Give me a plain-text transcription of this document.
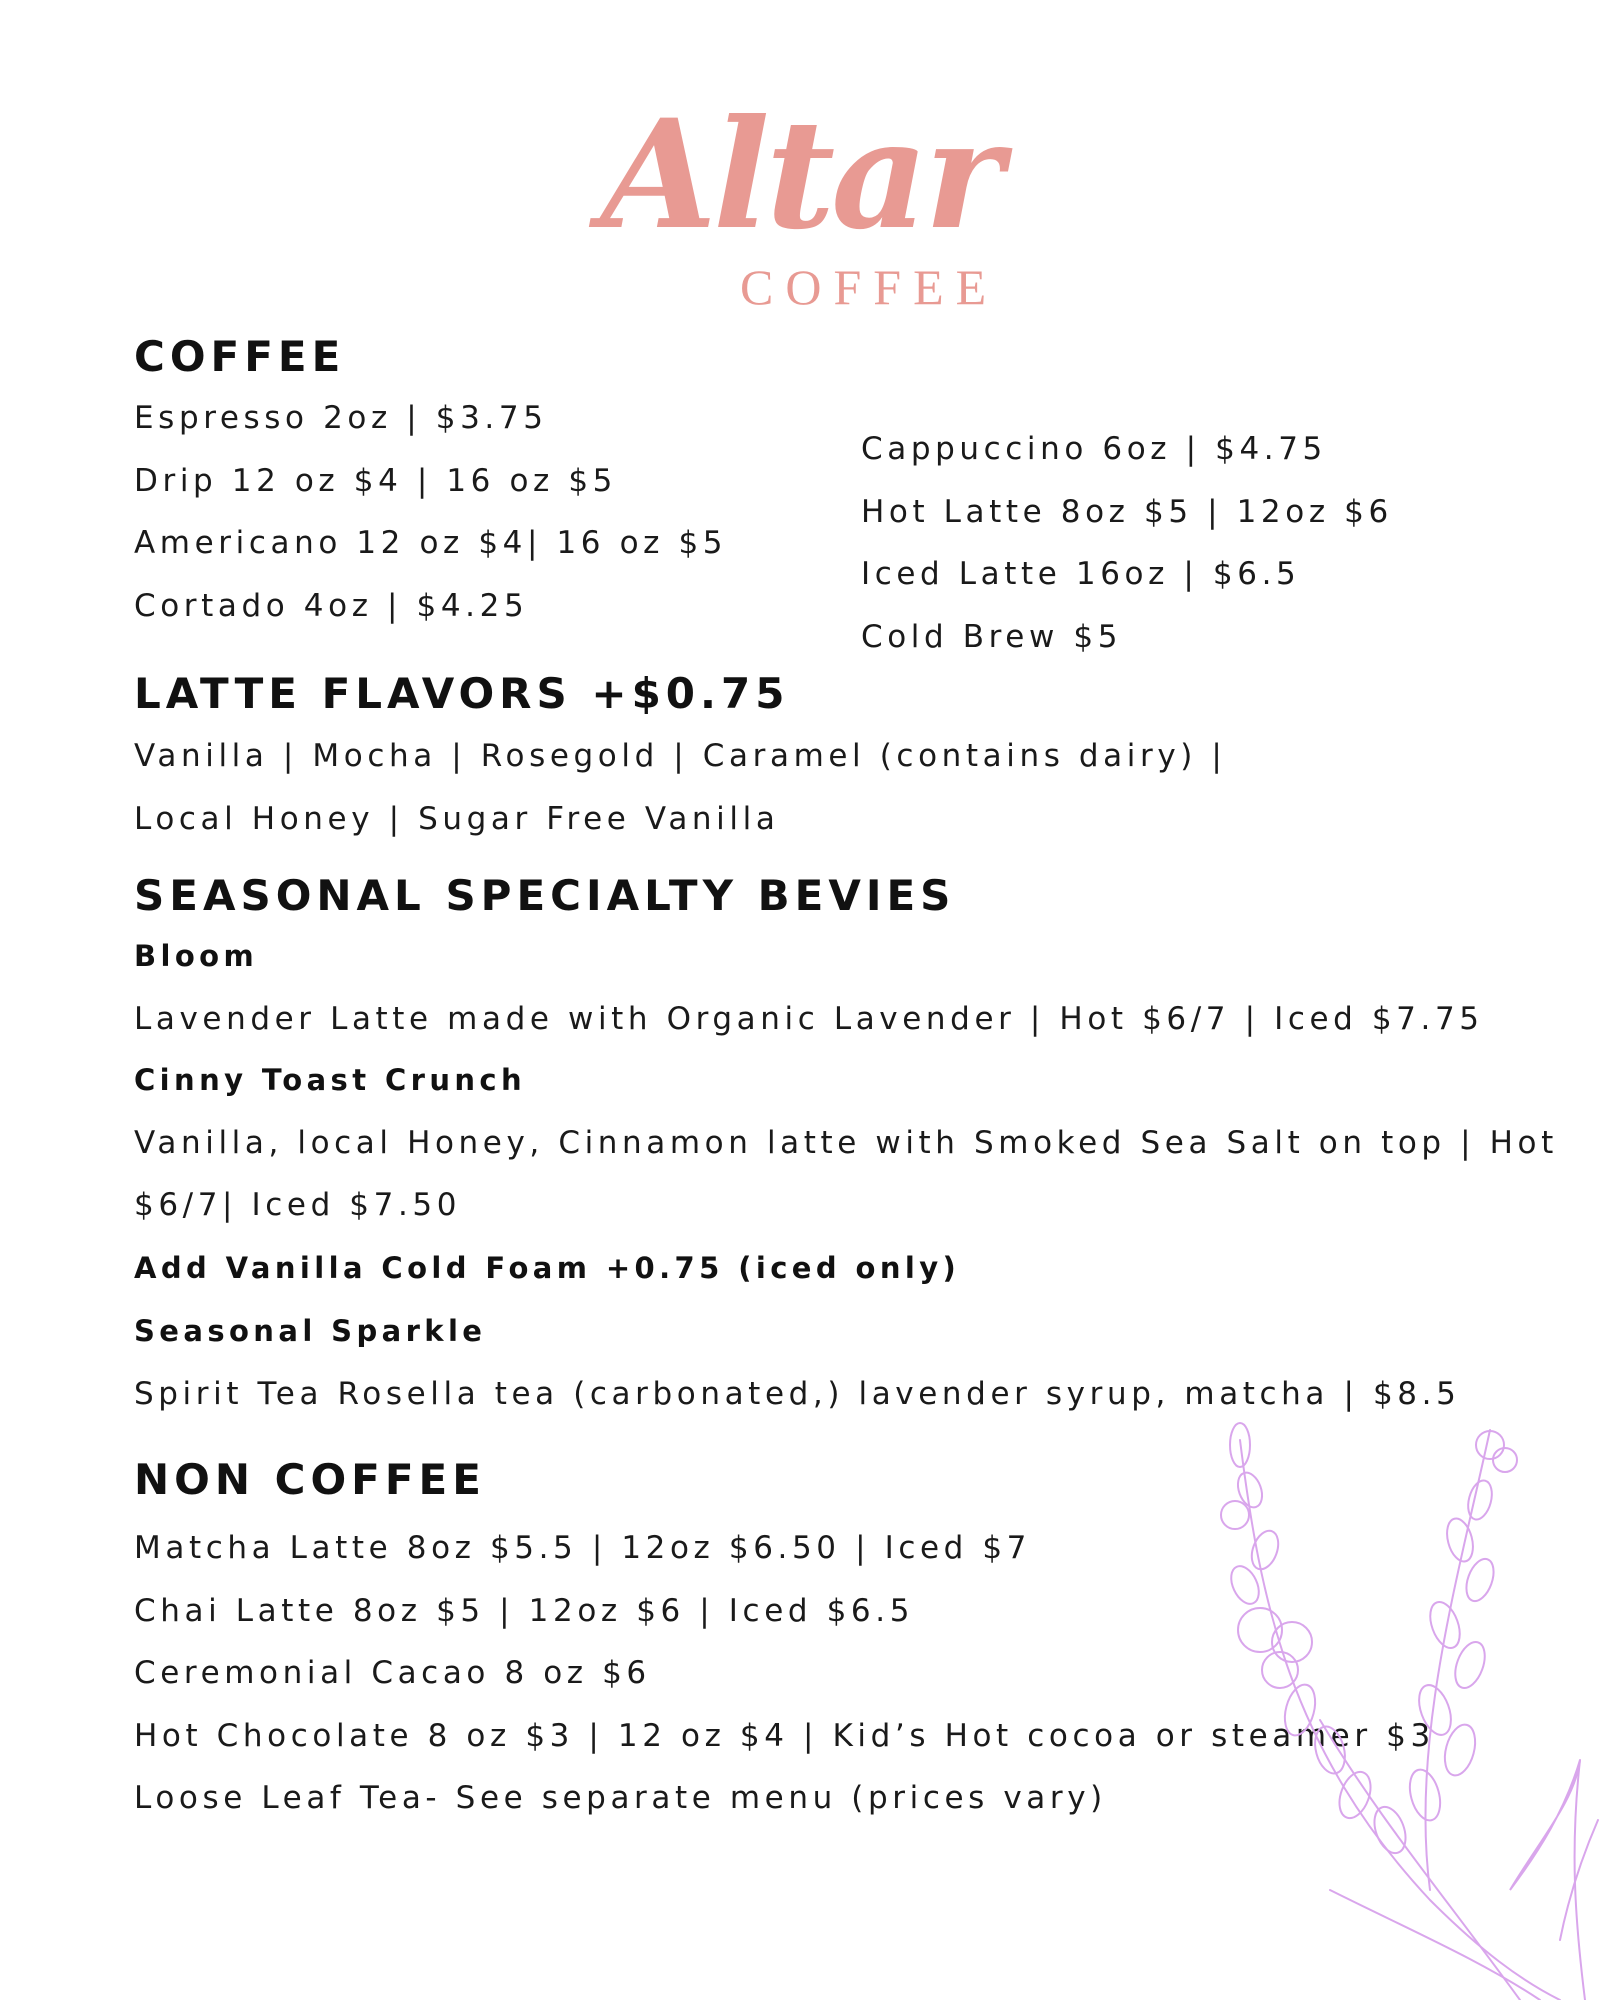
Altar
COFFEE
COFFEE

Espresso 2oz | $3.75

Drip 12 oz $4 | 16 oz $5

Americano 12 oz $4| 16 oz $5

Cortado 4oz | $4.25

Cappuccino 6oz | $4.75

Hot Latte 8oz $5 | 12oz $6

Iced Latte 16oz | $6.5

Cold Brew $5

LATTE FLAVORS +$0.75

Vanilla | Mocha | Rosegold | Caramel (contains dairy) |

Local Honey | Sugar Free Vanilla

SEASONAL SPECIALTY BEVIES

Bloom

Lavender Latte made with Organic Lavender | Hot $6/7 | Iced $7.75

Cinny Toast Crunch

Vanilla, local Honey, Cinnamon latte with Smoked Sea Salt on top | Hot

$6/7| Iced $7.50

Add Vanilla Cold Foam +0.75 (iced only)

Seasonal Sparkle

Spirit Tea Rosella tea (carbonated,) lavender syrup, matcha | $8.5

NON COFFEE

Matcha Latte 8oz $5.5 | 12oz $6.50 | Iced $7

Chai Latte 8oz $5 | 12oz $6 | Iced $6.5

Ceremonial Cacao 8 oz $6

Hot Chocolate 8 oz $3 | 12 oz $4 | Kid’s Hot cocoa or steamer $3

Loose Leaf Tea- See separate menu (prices vary)
